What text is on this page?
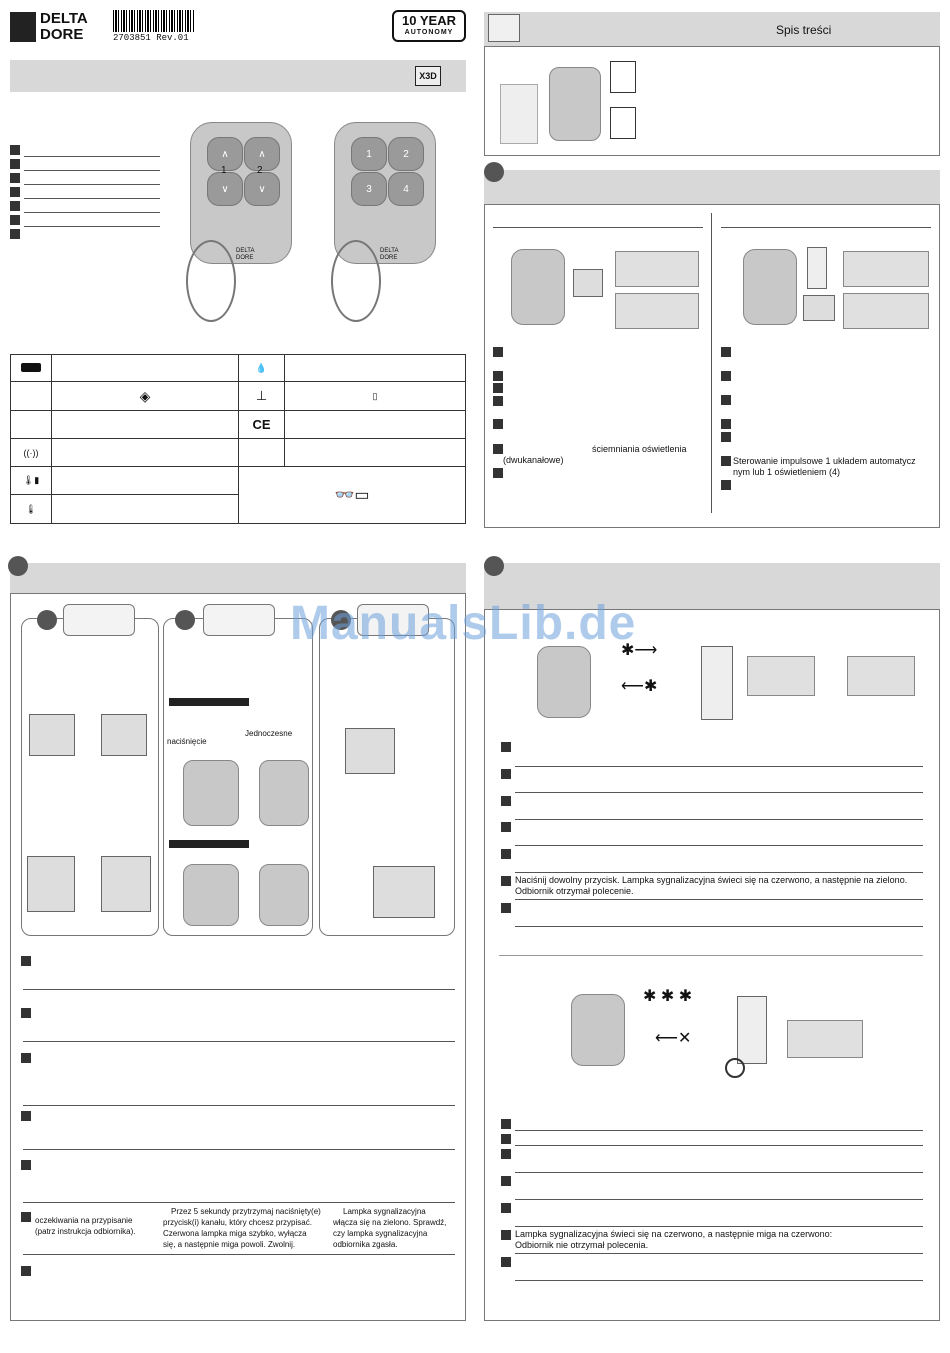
DELTA
DORE	2703851 Rev.01
10 YEAR
AUTONOMY
X3D
∧	∧
∨	∨
1	2
DELTA DORE
1	2
3	4
DELTA DORE
		💧	
	◈	⊥	▯
		CE	
((·))			
🌡▮		👓▭	
🌡			
Spis treści
ściemniania oświetlenia
(dwukanałowe)	Sterowanie impulsowe 1 układem automatycz
nym lub 1 oświetleniem (4)
Jednoczesne
naciśnięcie
oczekiwania na przypisanie
(patrz instrukcja odbiornika).
Przez 5 sekundy przytrzymaj naciśnięty(e)
przycisk(i) kanału, który chcesz przypisać.
Czerwona lampka miga szybko, wyłącza
się, a następnie miga powoli. Zwolnij.
Lampka sygnalizacyjna
włącza się na zielono. Sprawdź,
czy lampka sygnalizacyjna
odbiornika zgasła.
✱⟶
⟵✱
Naciśnij dowolny przycisk. Lampka sygnalizacyjna świeci się na czerwono, a następnie na zielono.
Odbiornik otrzymał polecenie.
✱ ✱ ✱
⟵✕
Lampka sygnalizacyjna świeci się na czerwono, a następnie miga na czerwono:
Odbiornik nie otrzymał polecenia.
ManualsLib.de
